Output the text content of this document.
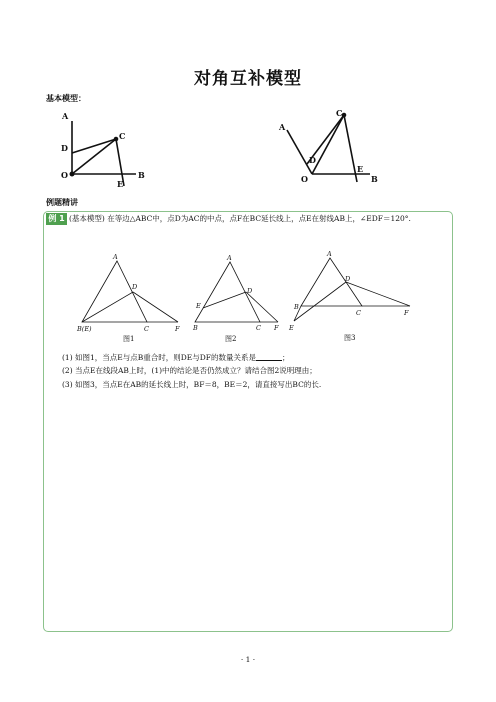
对角互补模型
基本模型：
A
D
C
O
E
B
A
C
D
E
O	B
例题精讲
例 1 (基本模型) 在等边△ABC中，点D为AC的中点，点F在BC延长线上，点E在射线AB上，∠EDF＝120°.
A
D
B(E)	C	F
图1
A
E
D
B	C F
图2
A
D
B
C	F
E
图3
(1) 如图1，当点E与点B重合时，则DE与DF的数量关系是	；
(2) 当点E在线段AB上时，(1)中的结论是否仍然成立？请结合图2说明理由；
(3) 如图3，当点E在AB的延长线上时，BF＝8，BE＝2，请直接写出BC的长.
· 1 ·
